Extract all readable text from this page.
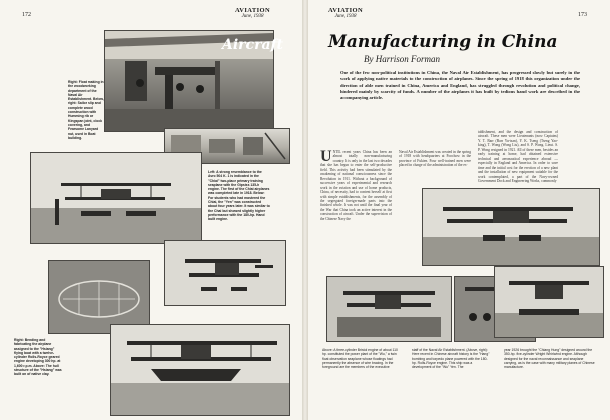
172
AVIATION
June, 1938
Aircraft
Right: Float making in the woodworking department of the Naval Air Establishment. Below, right: Sailor slip and complete wood construction with Humming rib or Kingspan joint, clock covering, and Fearsome Lanyard nut, used in Boat building.
Left: A strong resemblance to the Avro 504 K. 1 is indicated in the "Chiai" two-place primary training seaplane with the Gipsiss 135-h engine. The first of the Chiai airplanes was completed late in 1918. Below: For students who had mastered the Chiai, the "Yen" was constructed about four years later. It was similar to the Chai but showed slightly higher performance with the 180-hp. Hand built engine.
Right: Bending and fabricating the airplane assigned to the "Hsiang" flying boat with a twelve-cylinder Rolls-Royce geared engine developing 300 hp. at 1,600 r.p.m. Above: The hull structure of the "Hsiang" was built on of native clay.
AVIATION
June, 1938	173
Manufacturing in China
By Harrison Forman
One of the few non-political institutions in China, the Naval Air Establishment, has progressed slowly but surely in the work of applying native materials to the construction of airplanes. Since the spring of 1918 this organization under the direction of able men trained in China, America and England, has struggled through revolution and political change, hindered mainly by scarcity of funds. A number of the airplanes it has built by tedious hand work are described in the accompanying article.
UNTIL recent years China has been an almost totally non-manufacturing country. It is only in the last two decades that she has begun to enter the self-productive field. This activity had been stimulated by the awakening of national consciousness since the Revolution in 1911. Without a background of successive years of experimental and research work in the aviation and use of home products, China, of necessity, had to content herself at first with simple establishments, for the assembly of the segregated foreign-made parts into the finished whole. It was not until the final year of the War that China took an active interest in the construction of aircraft. Under the supervision of the Chinese Navy the
Naval Air Establishment was created in the spring of 1918 with headquarters at Foochow in the province of Fukien. Four well-trained men were placed in charge of the administration of the es-
tablishment, and the design and construction of aircraft. These men were Lieutenants (now Captains) Y. T. Barr (Barr Yu-tsan), Y. K. Tseng (Tseng Yao-king), T. Wong (Wong Liu), and S. P. Wong. Lieut. S. P. Wong resigned in 1921. All of these men, besides an early training at home, had obtained extensive technical and aeronautical experience abroad — especially in England and America. In order to save time and the initial cost for the erection of a new plant and the installation of new equipment suitable for the work contemplated, a part of the Navy-owned Government Dock and Engineering Works, commonly
Above: A three-cylinder Bristol engine of about 110 hp. constituted the power plant of the "Wu," a twin float observation seaplane whose floatings had permanently the absence of wire bracing. In the foreground are the members of the executive
staff of the Naval Air Establishment. (Above, right): Here recent in Chinese aircraft history is the "Hang" bombing and torpedo plane powered with the 180-hp. Rolls-Royce engine. This ship was a development of the "Wu" Yen. The
year 1926 brought the "Chiang Hung" designed around the 350-hp. five-cylinder Wright Whirlwind engine. Although designed for the naval reconnaissance and seaplane carrying, as is the case with many military planes of Chinese manufacture.
